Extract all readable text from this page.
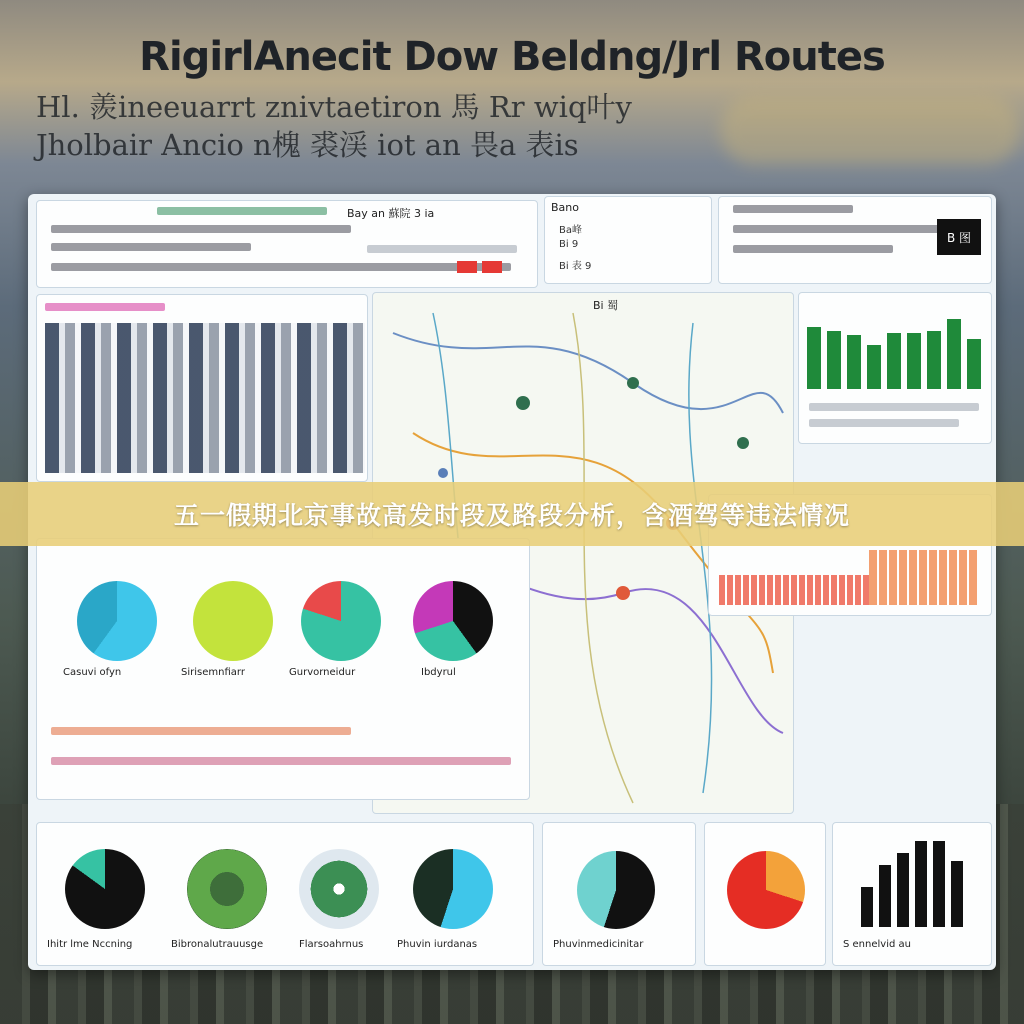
RigirlAnecit Dow Beldng/Jrl Routes
Hl. 羨ineeuarrt znivtaetiron 馬 Rr wiq叶y
Jholbair Ancio n槐 裘渓 iot an 畏a 表is
Bay an 蘇院 3 ia	Bano
Ba峰
Bi 9
Bi 表 9
B 图
Bi 蜀
Casuvi ofyn	Sirisemnfiarr	Gurvorneidur	Ibdyrul
Ihitr lme Nccning	Bibronalutrauusge	Flarsoahrnus	Phuvin iurdanas	Phuvinmedicinitar	S ennelvid au
五一假期北京事故高发时段及路段分析，含酒驾等违法情况
